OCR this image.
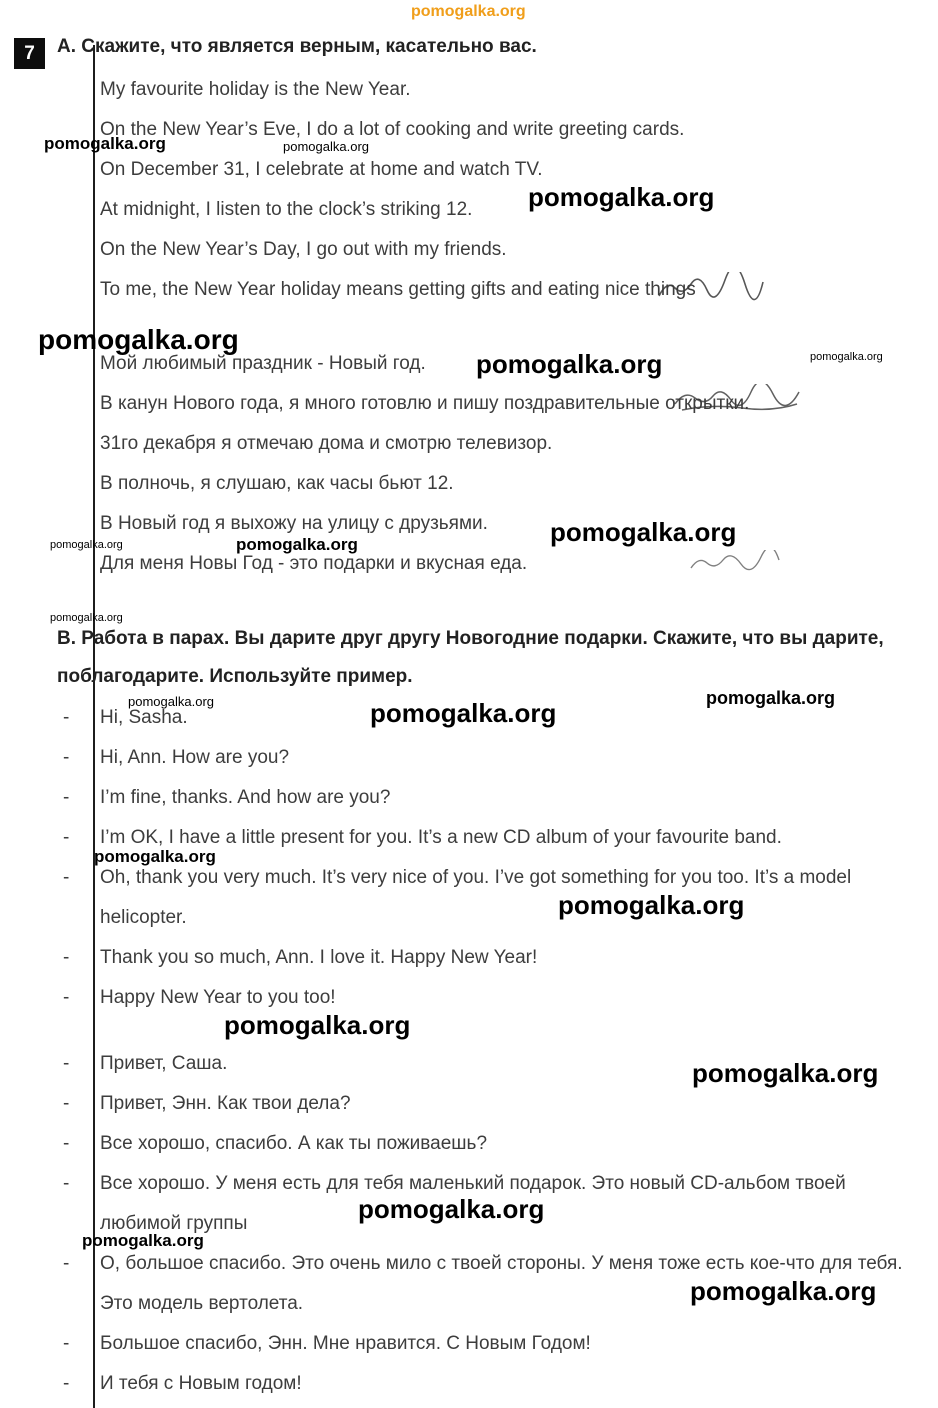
7 А. Скажите, что является верным, касательно вас.

My favourite holiday is the New Year.

On the New Year’s Eve, I do a lot of cooking and write greeting cards.

On December 31, I celebrate at home and watch TV.

At midnight, I listen to the clock’s striking 12.

On the New Year’s Day, I go out with my friends.

To me, the New Year holiday means getting gifts and eating nice things

Мой любимый праздник - Новый год.

В канун Нового года, я много готовлю и пишу поздравительные открытки.

31го декабря я отмечаю дома и смотрю телевизор.

В полночь, я слушаю, как часы бьют 12.

В Новый год я выхожу на улицу с друзьями.

Для меня Новы Год - это подарки и вкусная еда.

В. Работа в парах. Вы дарите друг другу Новогодние подарки. Скажите, что вы дарите, поблагодарите. Используйте пример.
-	Hi, Sasha.
-	Hi, Ann. How are you?
-	I’m fine, thanks. And how are you?
-	I’m OK, I have a little present for you. It’s a new CD album of your favourite band.
-	Oh, thank you very much. It’s very nice of you. I’ve got something for you too. It’s a model helicopter.
-	Thank you so much, Ann. I love it. Happy New Year!
-	Happy New Year to you too!
-	Привет, Саша.
-	Привет, Энн. Как твои дела?
-	Все хорошо, спасибо. А как ты поживаешь?
-	Все хорошо. У меня есть для тебя маленький подарок. Это новый CD-альбом твоей любимой группы
-	О, большое спасибо. Это очень мило с твоей стороны. У меня тоже есть кое-что для тебя. Это модель вертолета.
-	Большое спасибо, Энн. Мне нравится. С Новым Годом!
-	И тебя с Новым годом!
pomogalka.org
pomogalka.org	pomogalka.org
pomogalka.org
pomogalka.org
pomogalka.org	pomogalka.org
pomogalka.org
pomogalka.org	pomogalka.org
pomogalka.org
pomogalka.org	pomogalka.org	pomogalka.org
pomogalka.org
pomogalka.org
pomogalka.org
pomogalka.org
pomogalka.org
pomogalka.org
pomogalka.org
